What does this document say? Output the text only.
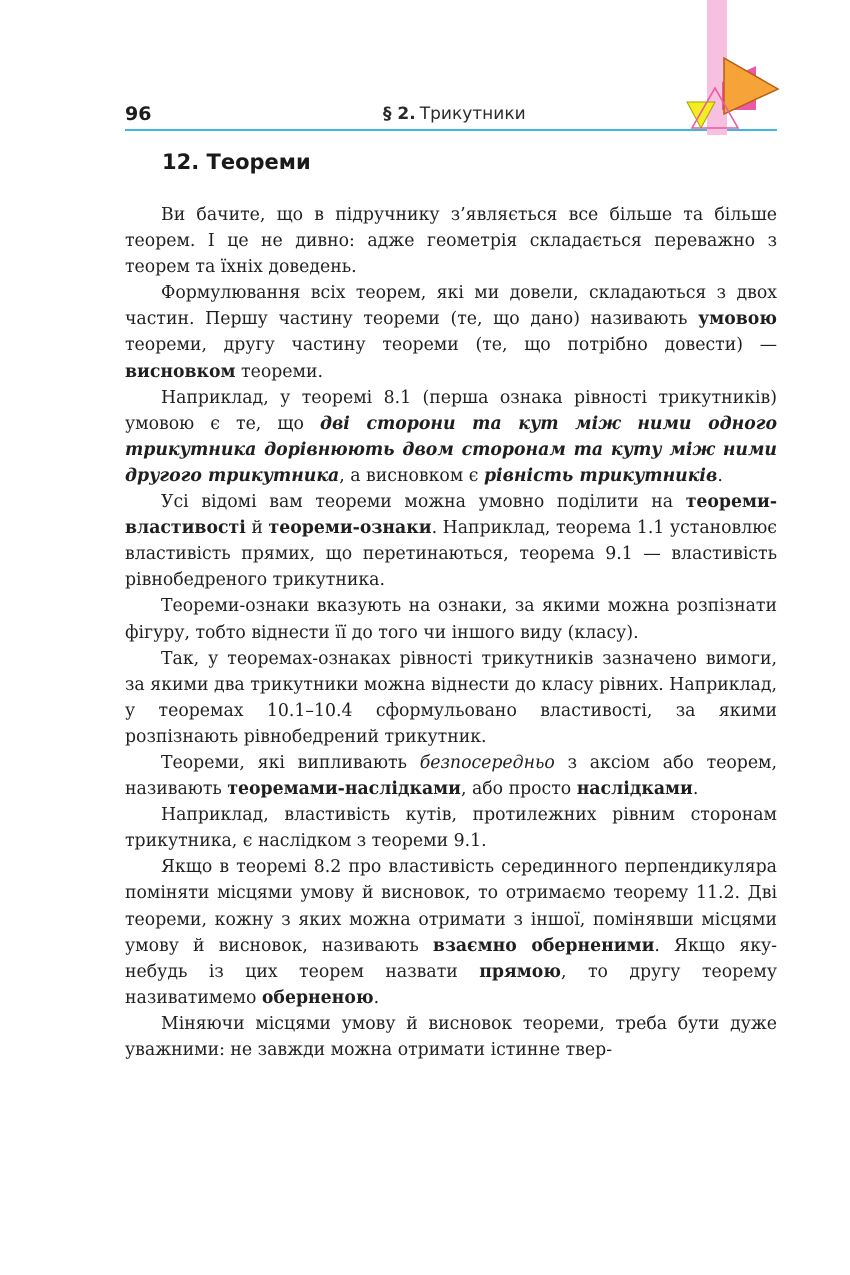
96	§ 2. Трикутники
12. Теореми

Ви бачите, що в підручнику з’являється все більше та більше теорем. І це не дивно: адже геометрія складається переважно з теорем та їхніх доведень.

Формулювання всіх теорем, які ми довели, складаються з двох частин. Першу частину теореми (те, що дано) називають умовою теореми, другу частину теореми (те, що потрібно довести) — висновком теореми.

Наприклад, у теоремі 8.1 (перша ознака рівності трикутників) умовою є те, що дві сторони та кут між ними одного трикутника дорівнюють двом сторонам та куту між ними другого трикутника, а висновком є рівність трикутників.

Усі відомі вам теореми можна умовно поділити на теореми-властивості й теореми-ознаки. Наприклад, теорема 1.1 установлює властивість прямих, що перетинаються, теорема 9.1 — властивість рівнобедреного трикутника.

Теореми-ознаки вказують на ознаки, за якими можна розпізнати фігуру, тобто віднести її до того чи іншого виду (класу).

Так, у теоремах-ознаках рівності трикутників зазначено вимоги, за якими два трикутники можна віднести до класу рівних. Наприклад, у теоремах 10.1–10.4 сформульовано властивості, за якими розпізнають рівнобедрений трикутник.

Теореми, які випливають безпосередньо з аксіом або теорем, називають теоремами-наслідками, або просто наслідками.

Наприклад, властивість кутів, протилежних рівним сторонам трикутника, є наслідком з теореми 9.1.

Якщо в теоремі 8.2 про властивість серединного перпендикуляра поміняти місцями умову й висновок, то отримаємо теорему 11.2. Дві теореми, кожну з яких можна отримати з іншої, помінявши місцями умову й висновок, називають взаємно оберненими. Якщо яку-небудь із цих теорем назвати прямою, то другу теорему називатимемо оберненою.

Міняючи місцями умову й висновок теореми, треба бути дуже уважними: не завжди можна отримати істинне твер-
